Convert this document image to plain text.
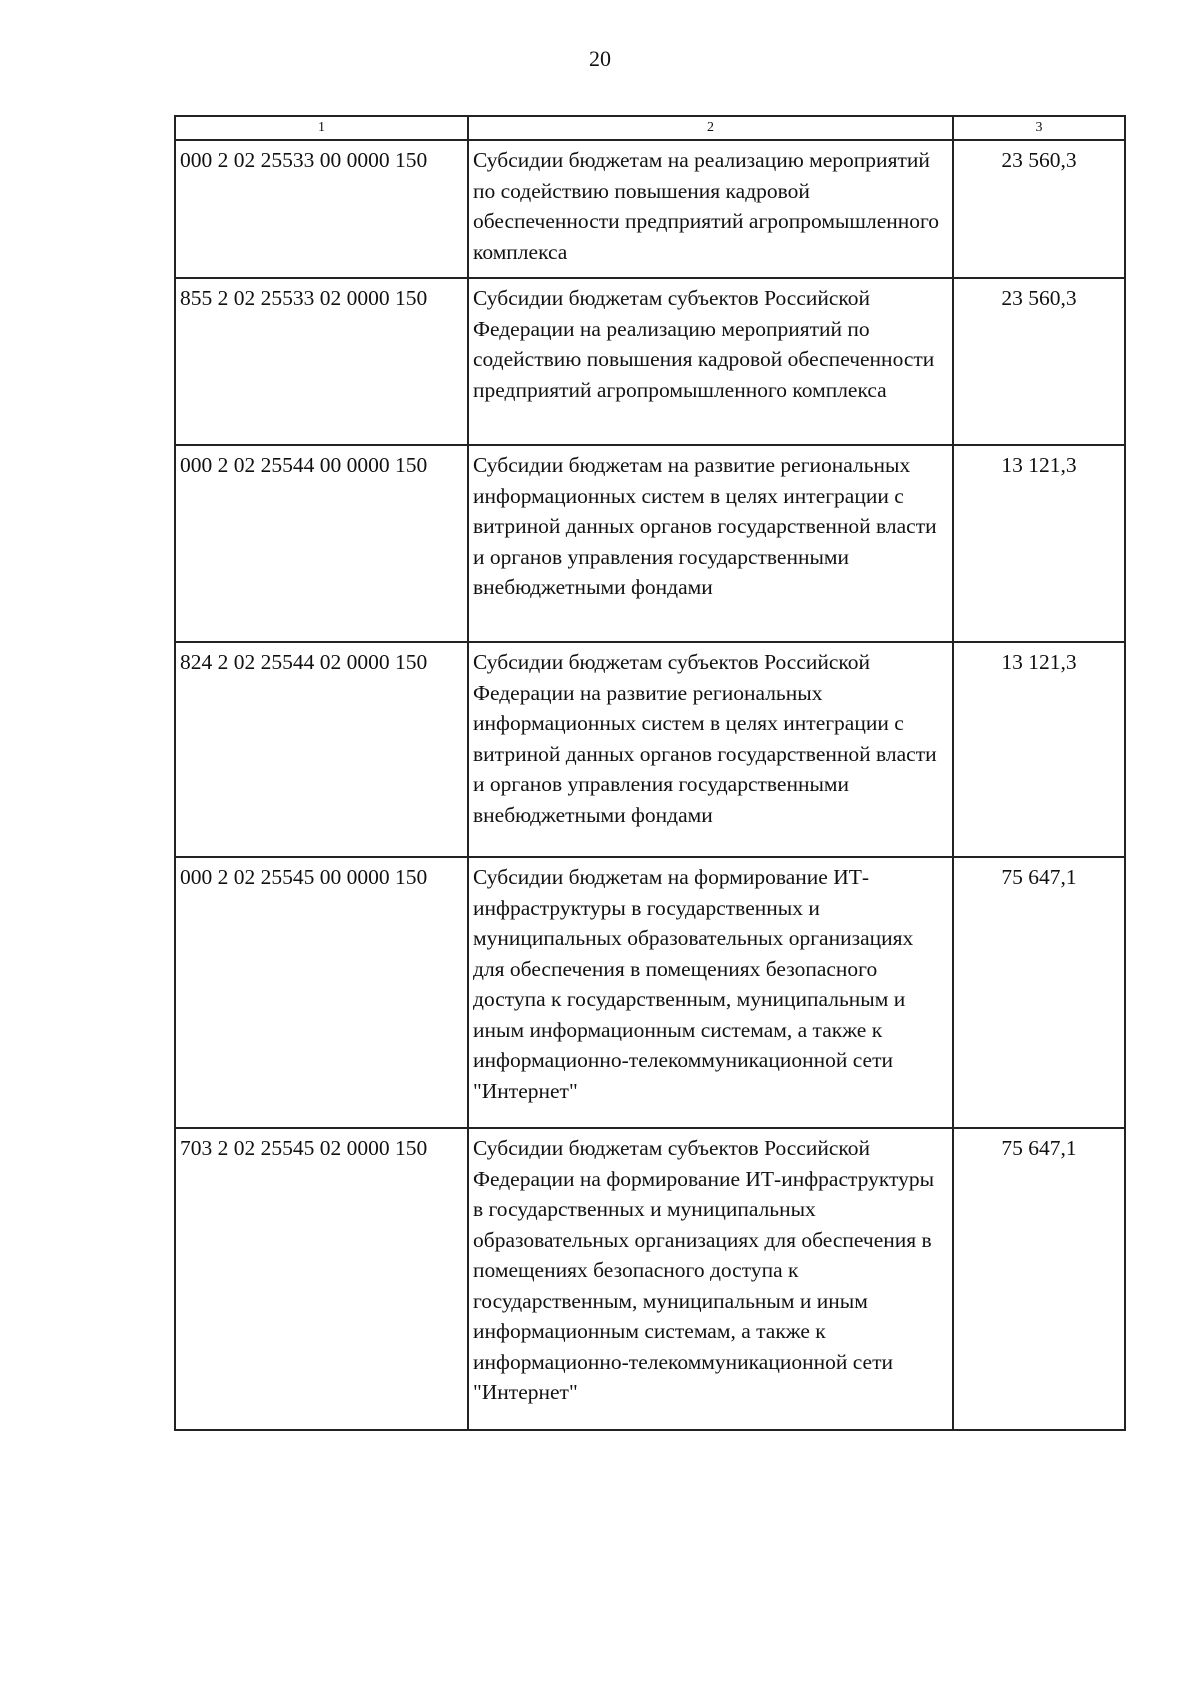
20
1	2	3
000 2 02 25533 00 0000 150	Субсидии бюджетам на реализацию мероприятий по содействию повышения кадровой обеспеченности предприятий агропромышленного комплекса	23 560,3
855 2 02 25533 02 0000 150	Субсидии бюджетам субъектов Российской Федерации на реализацию мероприятий по содействию повышения кадровой обеспеченности предприятий агропромышленного комплекса	23 560,3
000 2 02 25544 00 0000 150	Субсидии бюджетам на развитие региональных информационных систем в целях интеграции с витриной данных органов государственной власти и органов управления государственными внебюджетными фондами	13 121,3
824 2 02 25544 02 0000 150	Субсидии бюджетам субъектов Российской Федерации на развитие региональных информационных систем в целях интеграции с витриной данных органов государственной власти и органов управления государственными внебюджетными фондами	13 121,3
000 2 02 25545 00 0000 150	Субсидии бюджетам на формирование ИТ-инфраструктуры в государственных и муниципальных образовательных организациях для обеспечения в помещениях безопасного доступа к государственным, муниципальным и иным информационным системам, а также к информационно-телекоммуникационной сети "Интернет"	75 647,1
703 2 02 25545 02 0000 150	Субсидии бюджетам субъектов Российской Федерации на формирование ИТ-инфраструктуры в государственных и муниципальных образовательных организациях для обеспечения в помещениях безопасного доступа к государственным, муниципальным и иным информационным системам, а также к информационно-телекоммуникационной сети "Интернет"	75 647,1
